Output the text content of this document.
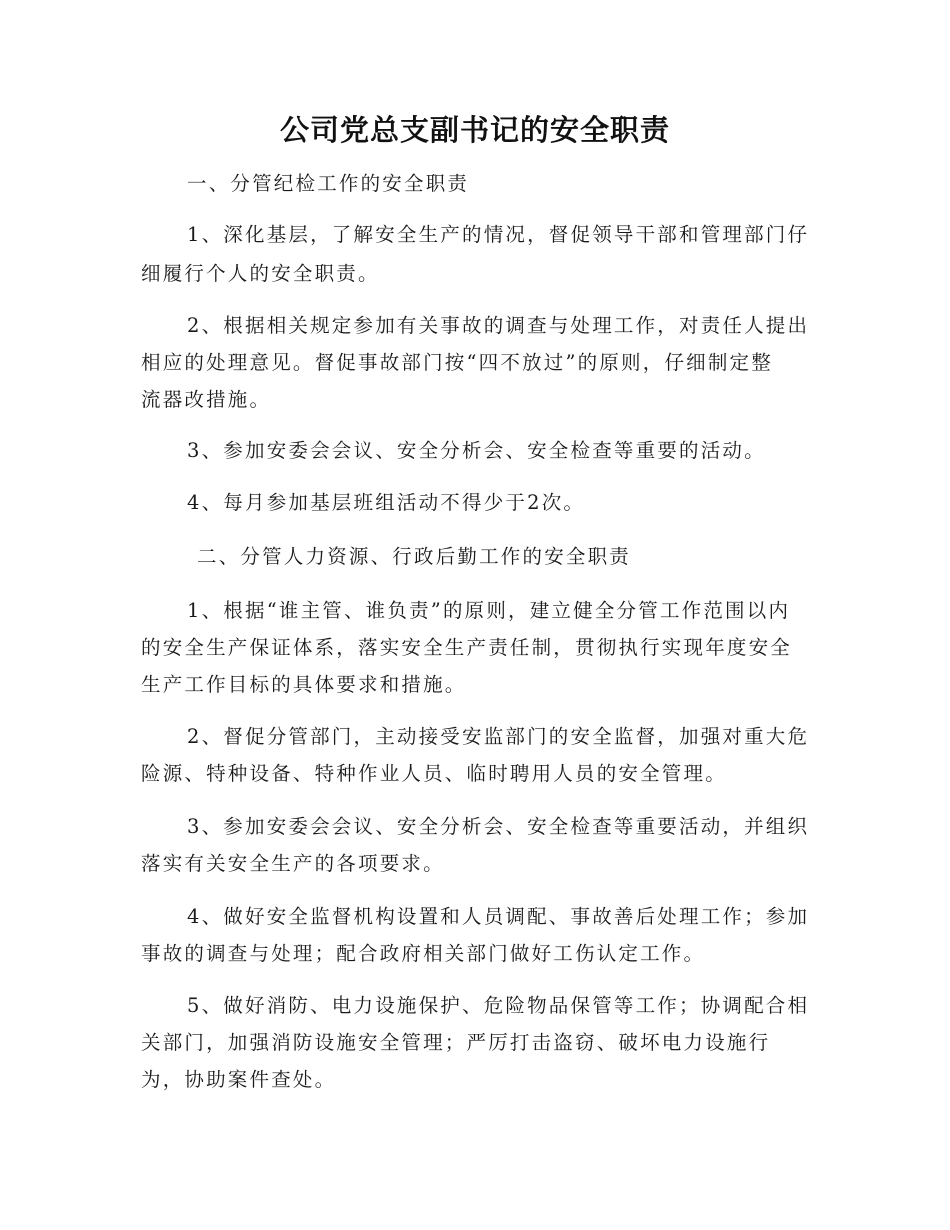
公司党总支副书记的安全职责

一、分管纪检工作的安全职责

1、深化基层，了解安全生产的情况，督促领导干部和管理部门仔

细履行个人的安全职责。

2、根据相关规定参加有关事故的调查与处理工作，对责任人提出

相应的处理意见。督促事故部门按“四不放过”的原则，仔细制定整

流器改措施。

3、参加安委会会议、安全分析会、安全检查等重要的活动。

4、每月参加基层班组活动不得少于2次。

二、分管人力资源、行政后勤工作的安全职责

1、根据“谁主管、谁负责”的原则，建立健全分管工作范围以内

的安全生产保证体系，落实安全生产责任制，贯彻执行实现年度安全

生产工作目标的具体要求和措施。

2、督促分管部门，主动接受安监部门的安全监督，加强对重大危

险源、特种设备、特种作业人员、临时聘用人员的安全管理。

3、参加安委会会议、安全分析会、安全检查等重要活动，并组织

落实有关安全生产的各项要求。

4、做好安全监督机构设置和人员调配、事故善后处理工作；参加

事故的调查与处理；配合政府相关部门做好工伤认定工作。

5、做好消防、电力设施保护、危险物品保管等工作；协调配合相

关部门，加强消防设施安全管理；严厉打击盗窃、破坏电力设施行

为，协助案件查处。
